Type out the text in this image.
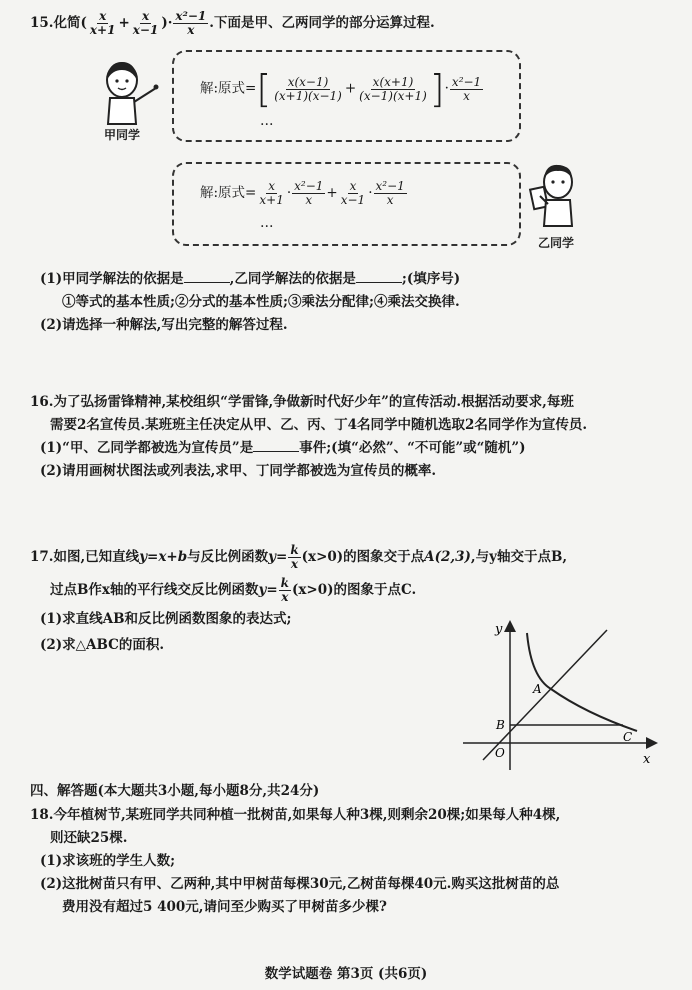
15.化简( $\frac{x}{x+1} + \frac{x}{x-1}$ )· $\frac{\text{x²−1}}{x}$ .下面是甲、乙两同学的部分运算过程.
甲同学
解:原式=[ $\frac{x(x-1)}{(x+1)(x-1)} + \frac{x(x+1)}{(x-1)(x+1)}$ ]· $\frac{\text{x²−1}}{x}$
…
解:原式= $\frac{x}{x+1} \cdot \frac{\text{x²−1}}{x} + \frac{x}{x-1} \cdot \frac{\text{x²−1}}{x}$
…
乙同学
(1)甲同学解法的依据是	,乙同学解法的依据是	;(填序号)
①等式的基本性质;②分式的基本性质;③乘法分配律;④乘法交换律.
(2)请选择一种解法,写出完整的解答过程.
16.为了弘扬雷锋精神,某校组织“学雷锋,争做新时代好少年”的宣传活动.根据活动要求,每班
需要2名宣传员.某班班主任决定从甲、乙、丙、丁4名同学中随机选取2名同学作为宣传员.
(1)“甲、乙同学都被选为宣传员”是	事件;(填“必然”、“不可能”或“随机”)
(2)请用画树状图法或列表法,求甲、丁同学都被选为宣传员的概率.
17.如图,已知直线y=x+b与反比例函数$y= \frac{k}{x} (x>0)$的图象交于点A(2,3),与y轴交于点B,
过点B作x轴的平行线交反比例函数$y= \frac{k}{x} (x>0)$的图象于点C.
(1)求直线AB和反比例函数图象的表达式;
(2)求△ABC的面积.
y
x
A
B
C
O
四、解答题(本大题共3小题,每小题8分,共24分)
18.今年植树节,某班同学共同种植一批树苗,如果每人种3棵,则剩余20棵;如果每人种4棵,
则还缺25棵.
(1)求该班的学生人数;
(2)这批树苗只有甲、乙两种,其中甲树苗每棵30元,乙树苗每棵40元.购买这批树苗的总
费用没有超过5 400元,请问至少购买了甲树苗多少棵?
数学试题卷 第3页 (共6页)
